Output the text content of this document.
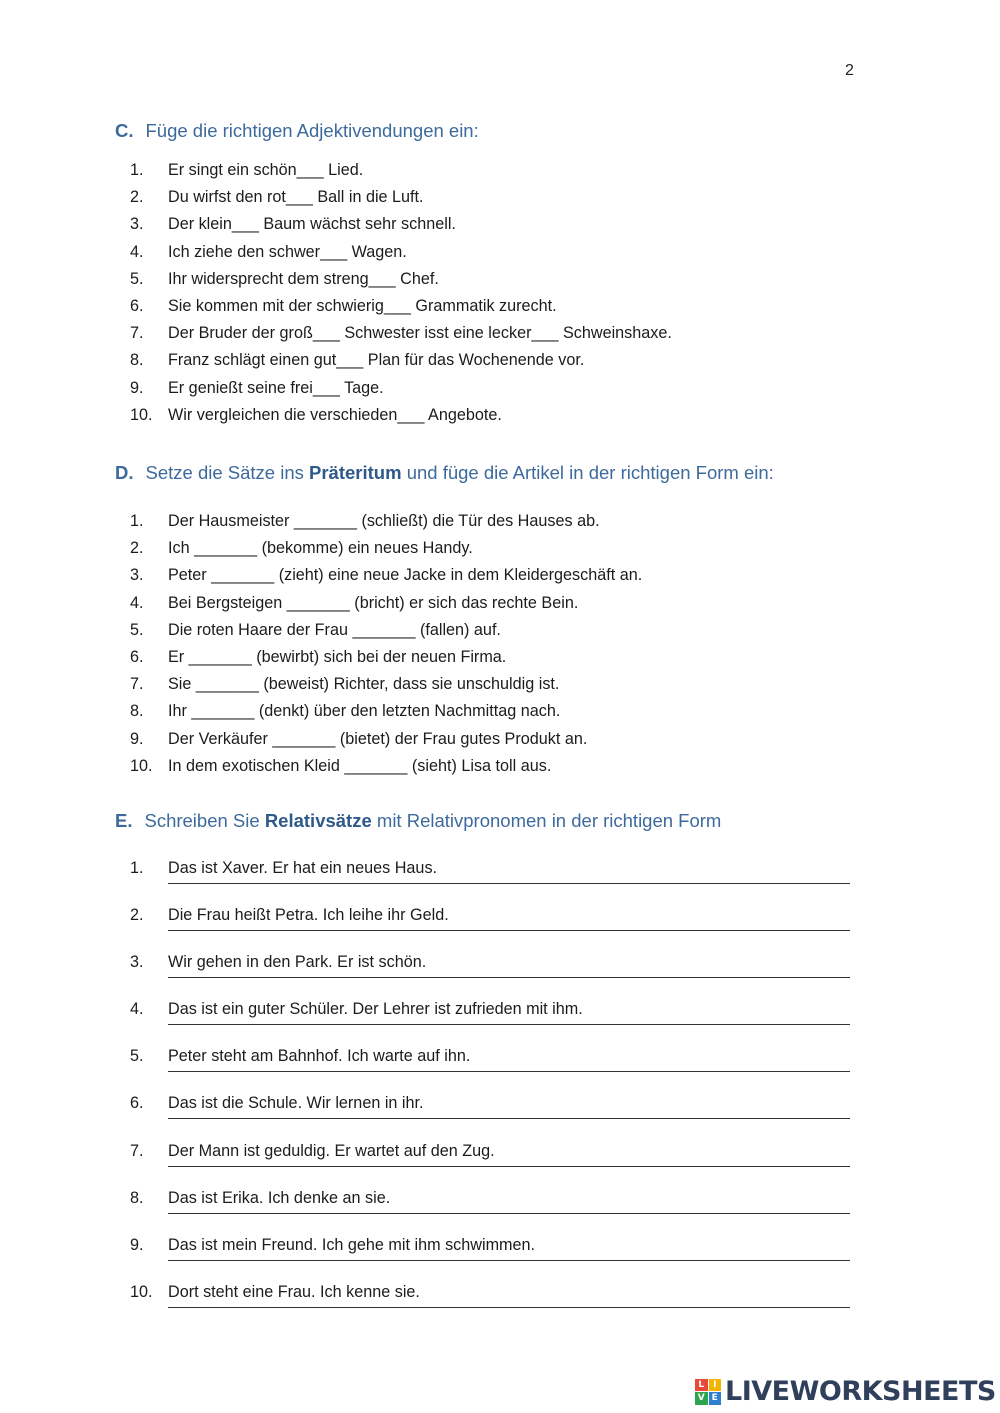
2
C. Füge die richtigen Adjektivendungen ein:
1. Er singt ein schön___ Lied.
2. Du wirfst den rot___ Ball in die Luft.
3. Der klein___ Baum wächst sehr schnell.
4. Ich ziehe den schwer___ Wagen.
5. Ihr widersprecht dem streng___ Chef.
6. Sie kommen mit der schwierig___ Grammatik zurecht.
7. Der Bruder der groß___ Schwester isst eine lecker___ Schweinshaxe.
8. Franz schlägt einen gut___ Plan für das Wochenende vor.
9. Er genießt seine frei___ Tage.
10. Wir vergleichen die verschieden___ Angebote.
D. Setze die Sätze ins Präteritum und füge die Artikel in der richtigen Form ein:
1. Der Hausmeister _______ (schließt) die Tür des Hauses ab.
2. Ich _______ (bekomme) ein neues Handy.
3. Peter _______ (zieht) eine neue Jacke in dem Kleidergeschäft an.
4. Bei Bergsteigen _______ (bricht) er sich das rechte Bein.
5. Die roten Haare der Frau _______ (fallen) auf.
6. Er _______ (bewirbt) sich bei der neuen Firma.
7. Sie _______ (beweist) Richter, dass sie unschuldig ist.
8. Ihr _______ (denkt) über den letzten Nachmittag nach.
9. Der Verkäufer _______ (bietet) der Frau gutes Produkt an.
10. In dem exotischen Kleid _______ (sieht) Lisa toll aus.
E. Schreiben Sie Relativsätze mit Relativpronomen in der richtigen Form
1. Das ist Xaver. Er hat ein neues Haus.
2. Die Frau heißt Petra. Ich leihe ihr Geld.
3. Wir gehen in den Park. Er ist schön.
4. Das ist ein guter Schüler. Der Lehrer ist zufrieden mit ihm.
5. Peter steht am Bahnhof. Ich warte auf ihn.
6. Das ist die Schule. Wir lernen in ihr.
7. Der Mann ist geduldig. Er wartet auf den Zug.
8. Das ist Erika. Ich denke an sie.
9. Das ist mein Freund. Ich gehe mit ihm schwimmen.
10. Dort steht eine Frau. Ich kenne sie.
L I
V E LIVEWORKSHEETS
